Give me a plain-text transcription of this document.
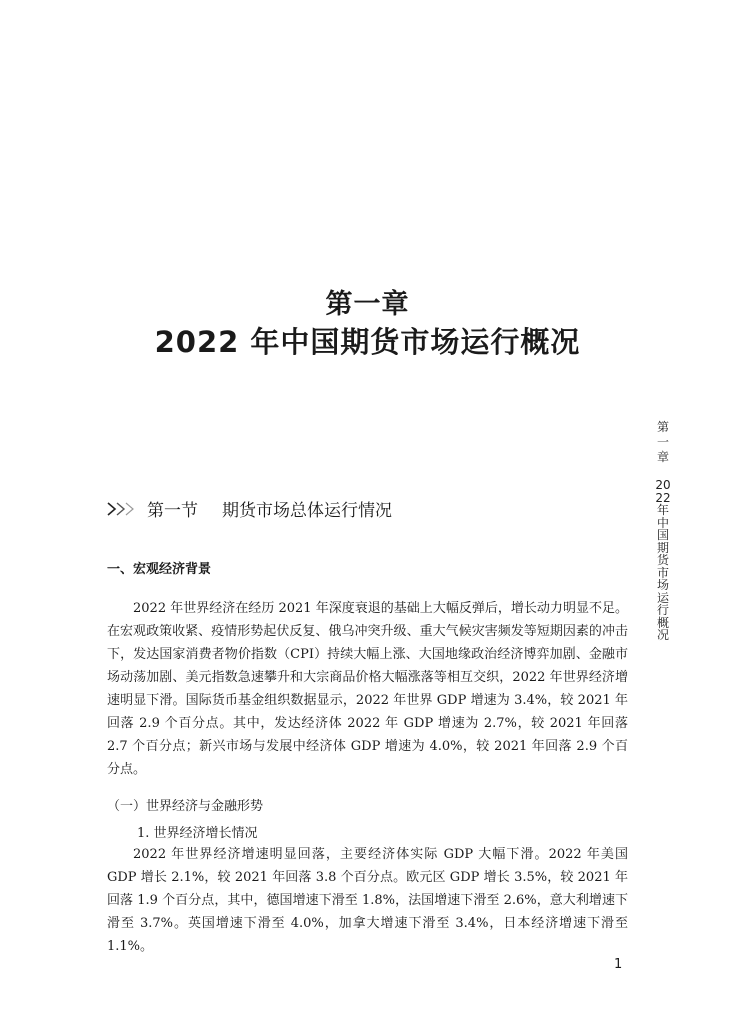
第一章
2022 年中国期货市场运行概况
第一章
2022年中国期货市场运行概况
第一节 期货市场总体运行情况
一、宏观经济背景

2022 年世界经济在经历 2021 年深度衰退的基础上大幅反弹后，增长动力明显不足。在宏观政策收紧、疫情形势起伏反复、俄乌冲突升级、重大气候灾害频发等短期因素的冲击下，发达国家消费者物价指数（CPI）持续大幅上涨、大国地缘政治经济博弈加剧、金融市场动荡加剧、美元指数急速攀升和大宗商品价格大幅涨落等相互交织，2022 年世界经济增速明显下滑。国际货币基金组织数据显示，2022 年世界 GDP 增速为 3.4%，较 2021 年回落 2.9 个百分点。其中，发达经济体 2022 年 GDP 增速为 2.7%，较 2021 年回落 2.7 个百分点；新兴市场与发展中经济体 GDP 增速为 4.0%，较 2021 年回落 2.9 个百分点。

（一）世界经济与金融形势
1. 世界经济增长情况

2022 年世界经济增速明显回落，主要经济体实际 GDP 大幅下滑。2022 年美国 GDP 增长 2.1%，较 2021 年回落 3.8 个百分点。欧元区 GDP 增长 3.5%，较 2021 年回落 1.9 个百分点，其中，德国增速下滑至 1.8%，法国增速下滑至 2.6%，意大利增速下滑至 3.7%。英国增速下滑至 4.0%，加拿大增速下滑至 3.4%，日本经济增速下滑至 1.1%。

1
